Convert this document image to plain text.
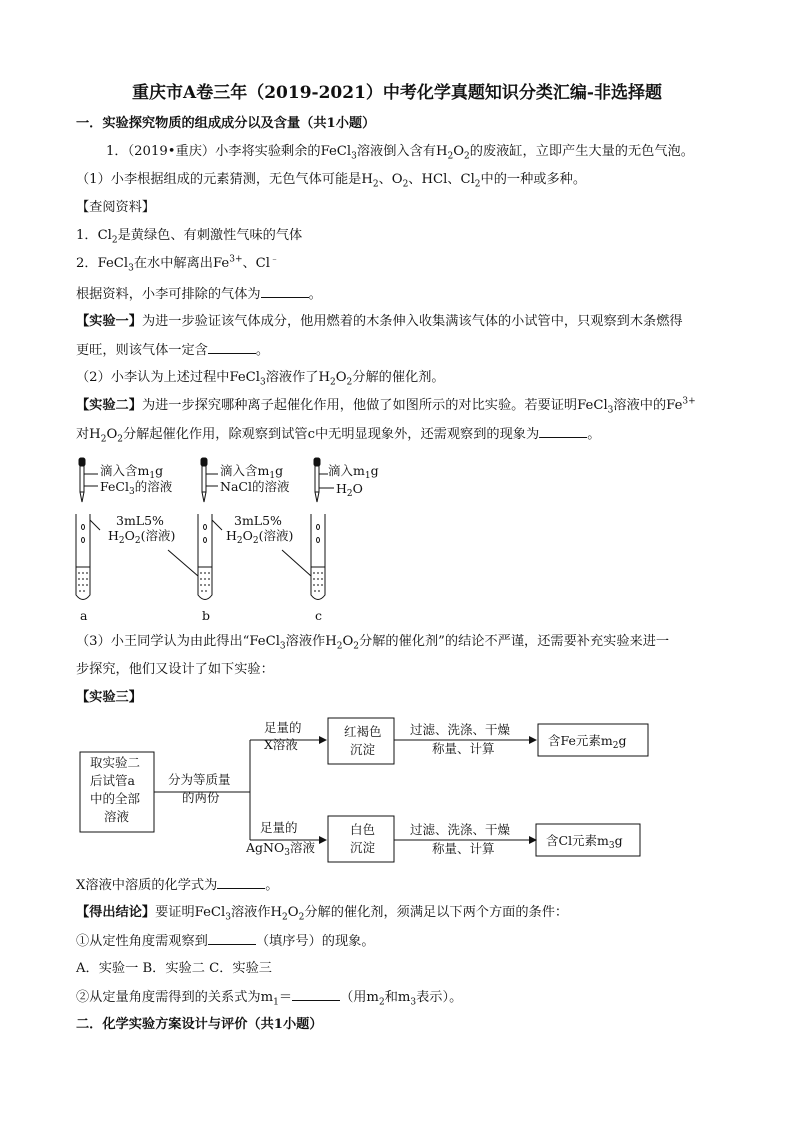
重庆市A卷三年（2019-2021）中考化学真题知识分类汇编-非选择题
一．实验探究物质的组成成分以及含量（共1小题）
1．（2019•重庆）小李将实验剩余的FeCl$_3$溶液倒入含有$H_2O_2$的废液缸，立即产生大量的无色气泡。
（1）小李根据组成的元素猜测，无色气体可能是$H_2$、$O_2$、HCl、$Cl_2$中的一种或多种。
【查阅资料】
1．$Cl_2$是黄绿色、有刺激性气味的气体
2．FeCl$_3$在水中解离出$Fe^{3+}$、Cl﹣
根据资料，小李可排除的气体为	。
【实验一】为进一步验证该气体成分，他用燃着的木条伸入收集满该气体的小试管中，只观察到木条燃得
更旺，则该气体一定含	。
（2）小李认为上述过程中FeCl$_3$溶液作了$H_2O_2$分解的催化剂。
【实验二】为进一步探究哪种离子起催化作用，他做了如图所示的对比实验。若要证明FeCl$_3$溶液中的$Fe^{3+}$
对$H_2O_2$分解起催化作用，除观察到试管c中无明显现象外，还需观察到的现象为	。
滴入含$m_1g$
FeCl$_3$的溶液
滴入含$m_1g$
NaCl的溶液
滴入$m_1g$
$H_2O$
3mL5%
$H_2O_2$(溶液)
3mL5%
$H_2O_2$(溶液)
a	b	c
（3）小王同学认为由此得出“FeCl$_3$溶液作$H_2O_2$分解的催化剂”的结论不严谨，还需要补充实验来进一
步探究，他们又设计了如下实验：
【实验三】
取实验二
后试管a
中的全部
溶液
分为等质量
的两份
足量的
X溶液
红褐色
沉淀
过滤、洗涤、干燥
称量、计算
含Fe元素$m_2g$
足量的
AgNO$_3$溶液
白色
沉淀
过滤、洗涤、干燥
称量、计算
含Cl元素$m_3g$
X溶液中溶质的化学式为	。
【得出结论】要证明FeCl$_3$溶液作$H_2O_2$分解的催化剂，须满足以下两个方面的条件：
①从定性角度需观察到	（填序号）的现象。
A．实验一 B．实验二 C．实验三
②从定量角度需得到的关系式为$m_1=$	（用$m_2$和$m_3$表示）。
二．化学实验方案设计与评价（共1小题）
